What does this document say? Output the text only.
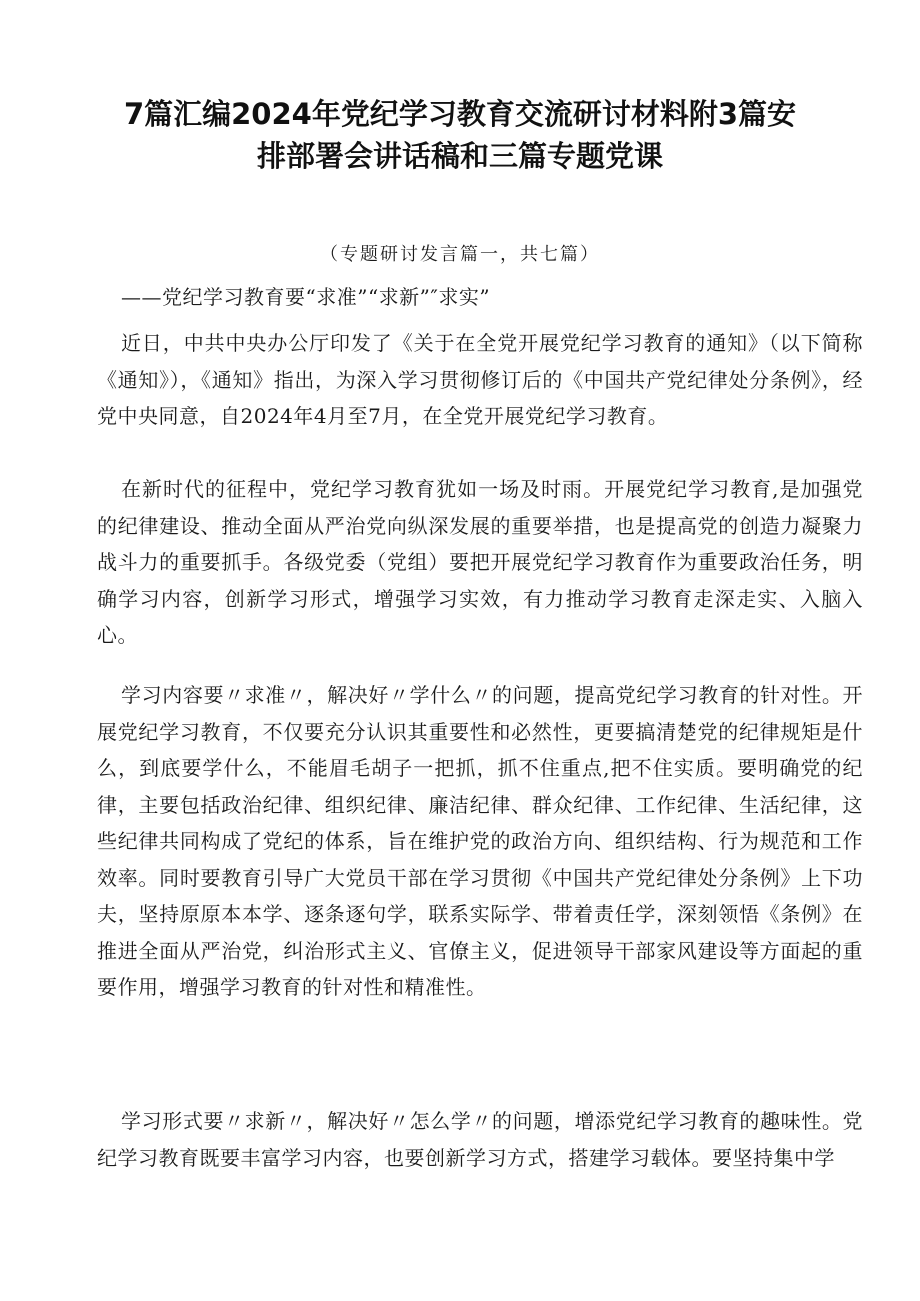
7篇汇编2024年党纪学习教育交流研讨材料附3篇安
排部署会讲话稿和三篇专题党课
（专题研讨发言篇一，共七篇）
——党纪学习教育要“求准”“求新”″求实”

近日，中共中央办公厅印发了《关于在全党开展党纪学习教育的通知》（以下简称《通知》），《通知》指出，为深入学习贯彻修订后的《中国共产党纪律处分条例》，经党中央同意，自2024年4月至7月，在全党开展党纪学习教育。

在新时代的征程中，党纪学习教育犹如一场及时雨。开展党纪学习教育,是加强党的纪律建设、推动全面从严治党向纵深发展的重要举措，也是提高党的创造力凝聚力战斗力的重要抓手。各级党委（党组）要把开展党纪学习教育作为重要政治任务，明确学习内容，创新学习形式，增强学习实效，有力推动学习教育走深走实、入脑入心。

学习内容要〃求准〃，解决好〃学什么〃的问题，提高党纪学习教育的针对性。开展党纪学习教育，不仅要充分认识其重要性和必然性，更要搞清楚党的纪律规矩是什么，到底要学什么，不能眉毛胡子一把抓，抓不住重点,把不住实质。要明确党的纪律，主要包括政治纪律、组织纪律、廉洁纪律、群众纪律、工作纪律、生活纪律，这些纪律共同构成了党纪的体系，旨在维护党的政治方向、组织结构、行为规范和工作效率。同时要教育引导广大党员干部在学习贯彻《中国共产党纪律处分条例》上下功夫，坚持原原本本学、逐条逐句学，联系实际学、带着责任学，深刻领悟《条例》在推进全面从严治党，纠治形式主义、官僚主义，促进领导干部家风建设等方面起的重要作用，增强学习教育的针对性和精准性。

学习形式要〃求新〃，解决好〃怎么学〃的问题，增添党纪学习教育的趣味性。党纪学习教育既要丰富学习内容，也要创新学习方式，搭建学习载体。要坚持集中学
